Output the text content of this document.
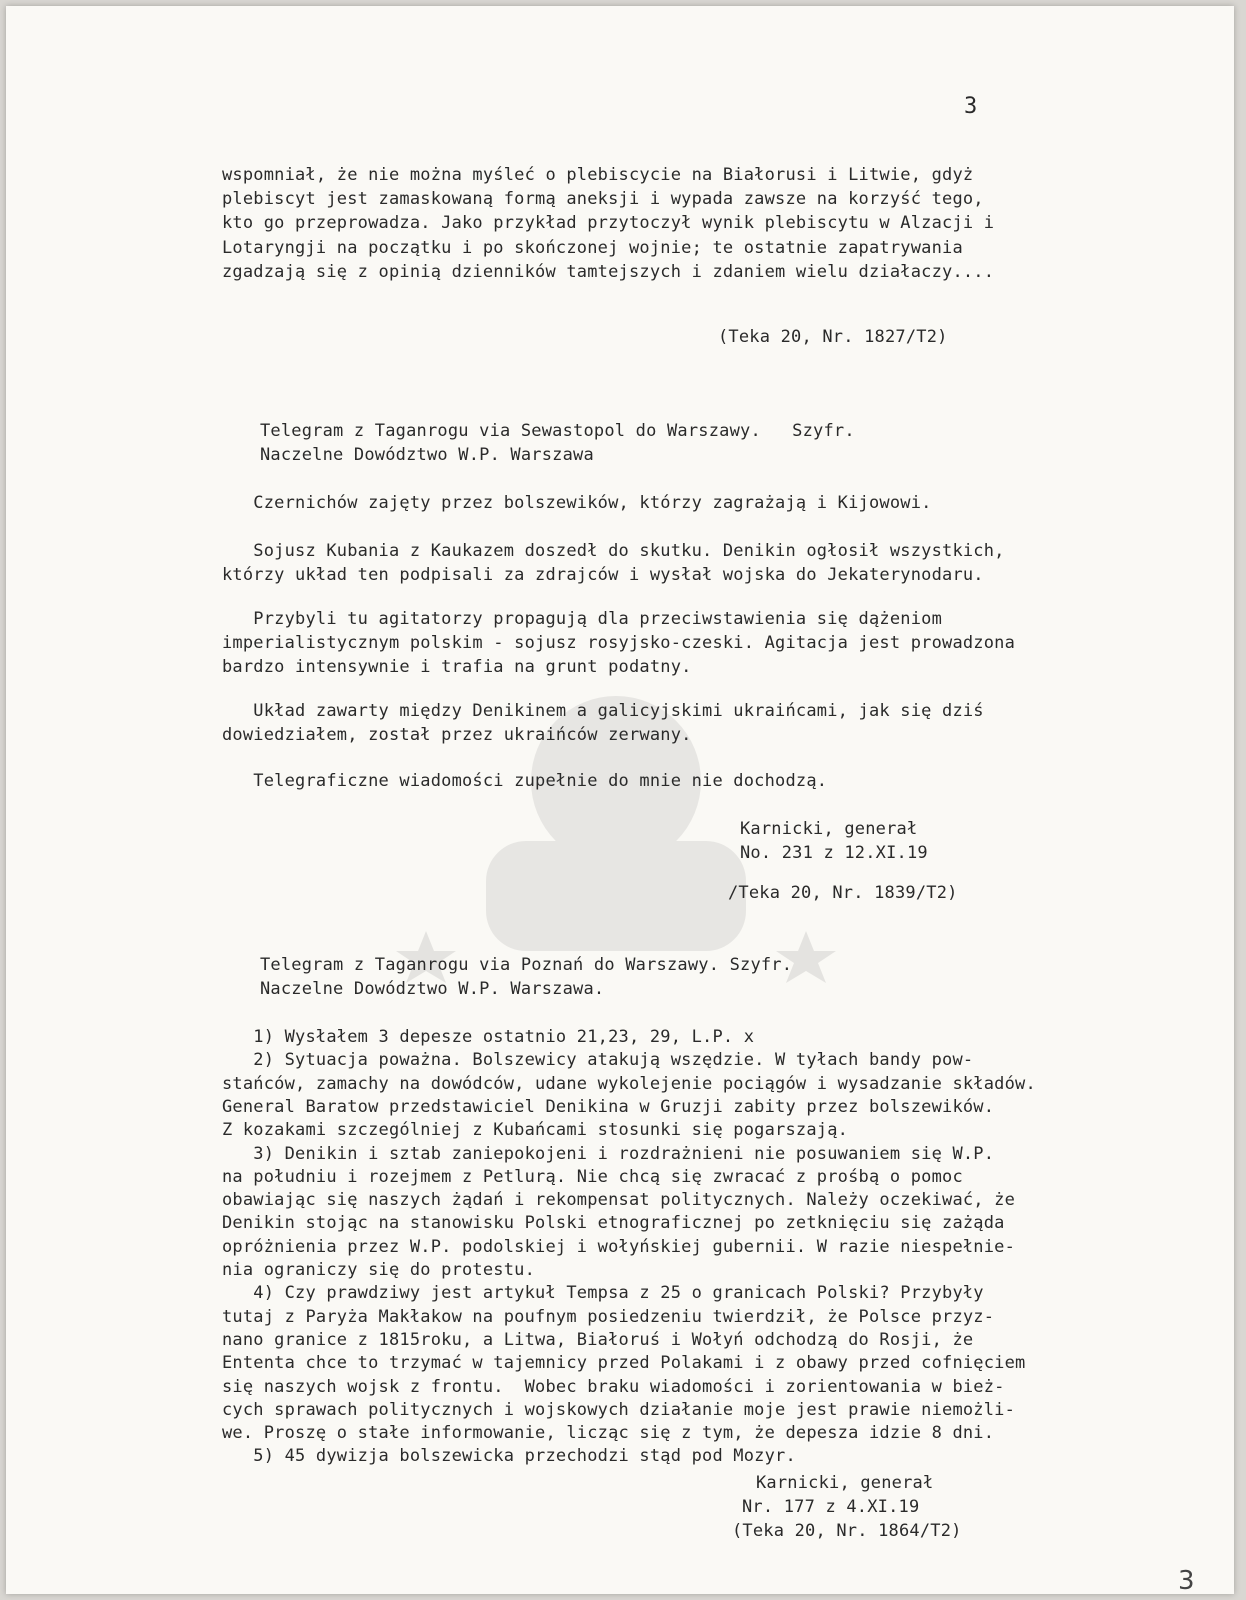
3
wspomniał, że nie można myśleć o plebiscycie na Białorusi i Litwie, gdyż
plebiscyt jest zamaskowaną formą aneksji i wypada zawsze na korzyść tego,
kto go przeprowadza. Jako przykład przytoczył wynik plebiscytu w Alzacji i
Lotaryngji na początku i po skończonej wojnie; te ostatnie zapatrywania
zgadzają się z opinią dzienników tamtejszych i zdaniem wielu działaczy....
(Teka 20, Nr. 1827/T2)
Telegram z Taganrogu via Sewastopol do Warszawy.   Szyfr.
Naczelne Dowództwo W.P. Warszawa
Czernichów zajęty przez bolszewików, którzy zagrażają i Kijowowi.
Sojusz Kubania z Kaukazem doszedł do skutku. Denikin ogłosił wszystkich,
którzy układ ten podpisali za zdrajców i wysłał wojska do Jekaterynodaru.
Przybyli tu agitatorzy propagują dla przeciwstawienia się dążeniom
imperialistycznym polskim - sojusz rosyjsko-czeski. Agitacja jest prowadzona
bardzo intensywnie i trafia na grunt podatny.
Układ zawarty między Denikinem a galicyjskimi ukraińcami, jak się dziś
dowiedziałem, został przez ukraińców zerwany.
Telegraficzne wiadomości zupełnie do mnie nie dochodzą.
Karnicki, generał
No. 231 z 12.XI.19
/Teka 20, Nr. 1839/T2)
Telegram z Taganrogu via Poznań do Warszawy. Szyfr.
Naczelne Dowództwo W.P. Warszawa.
1) Wysłałem 3 depesze ostatnio 21,23, 29, L.P. x
2) Sytuacja poważna. Bolszewicy atakują wszędzie. W tyłach bandy pow-
stańców, zamachy na dowódców, udane wykolejenie pociągów i wysadzanie składów.
General Baratow przedstawiciel Denikina w Gruzji zabity przez bolszewików.
Z kozakami szczególniej z Kubańcami stosunki się pogarszają.
3) Denikin i sztab zaniepokojeni i rozdrażnieni nie posuwaniem się W.P.
na południu i rozejmem z Petlurą. Nie chcą się zwracać z prośbą o pomoc
obawiając się naszych żądań i rekompensat politycznych. Należy oczekiwać, że
Denikin stojąc na stanowisku Polski etnograficznej po zetknięciu się zażąda
opróżnienia przez W.P. podolskiej i wołyńskiej gubernii. W razie niespełnie-
nia ograniczy się do protestu.
4) Czy prawdziwy jest artykuł Tempsa z 25 o granicach Polski? Przybyły
tutaj z Paryża Makłakow na poufnym posiedzeniu twierdził, że Polsce przyz-
nano granice z 1815roku, a Litwa, Białoruś i Wołyń odchodzą do Rosji, że
Ententa chce to trzymać w tajemnicy przed Polakami i z obawy przed cofnięciem
się naszych wojsk z frontu.  Wobec braku wiadomości i zorientowania w bież-
cych sprawach politycznych i wojskowych działanie moje jest prawie niemożli-
we. Proszę o stałe informowanie, licząc się z tym, że depesza idzie 8 dni.
5) 45 dywizja bolszewicka przechodzi stąd pod Mozyr.
Karnicki, generał
Nr. 177 z 4.XI.19
(Teka 20, Nr. 1864/T2)
3
